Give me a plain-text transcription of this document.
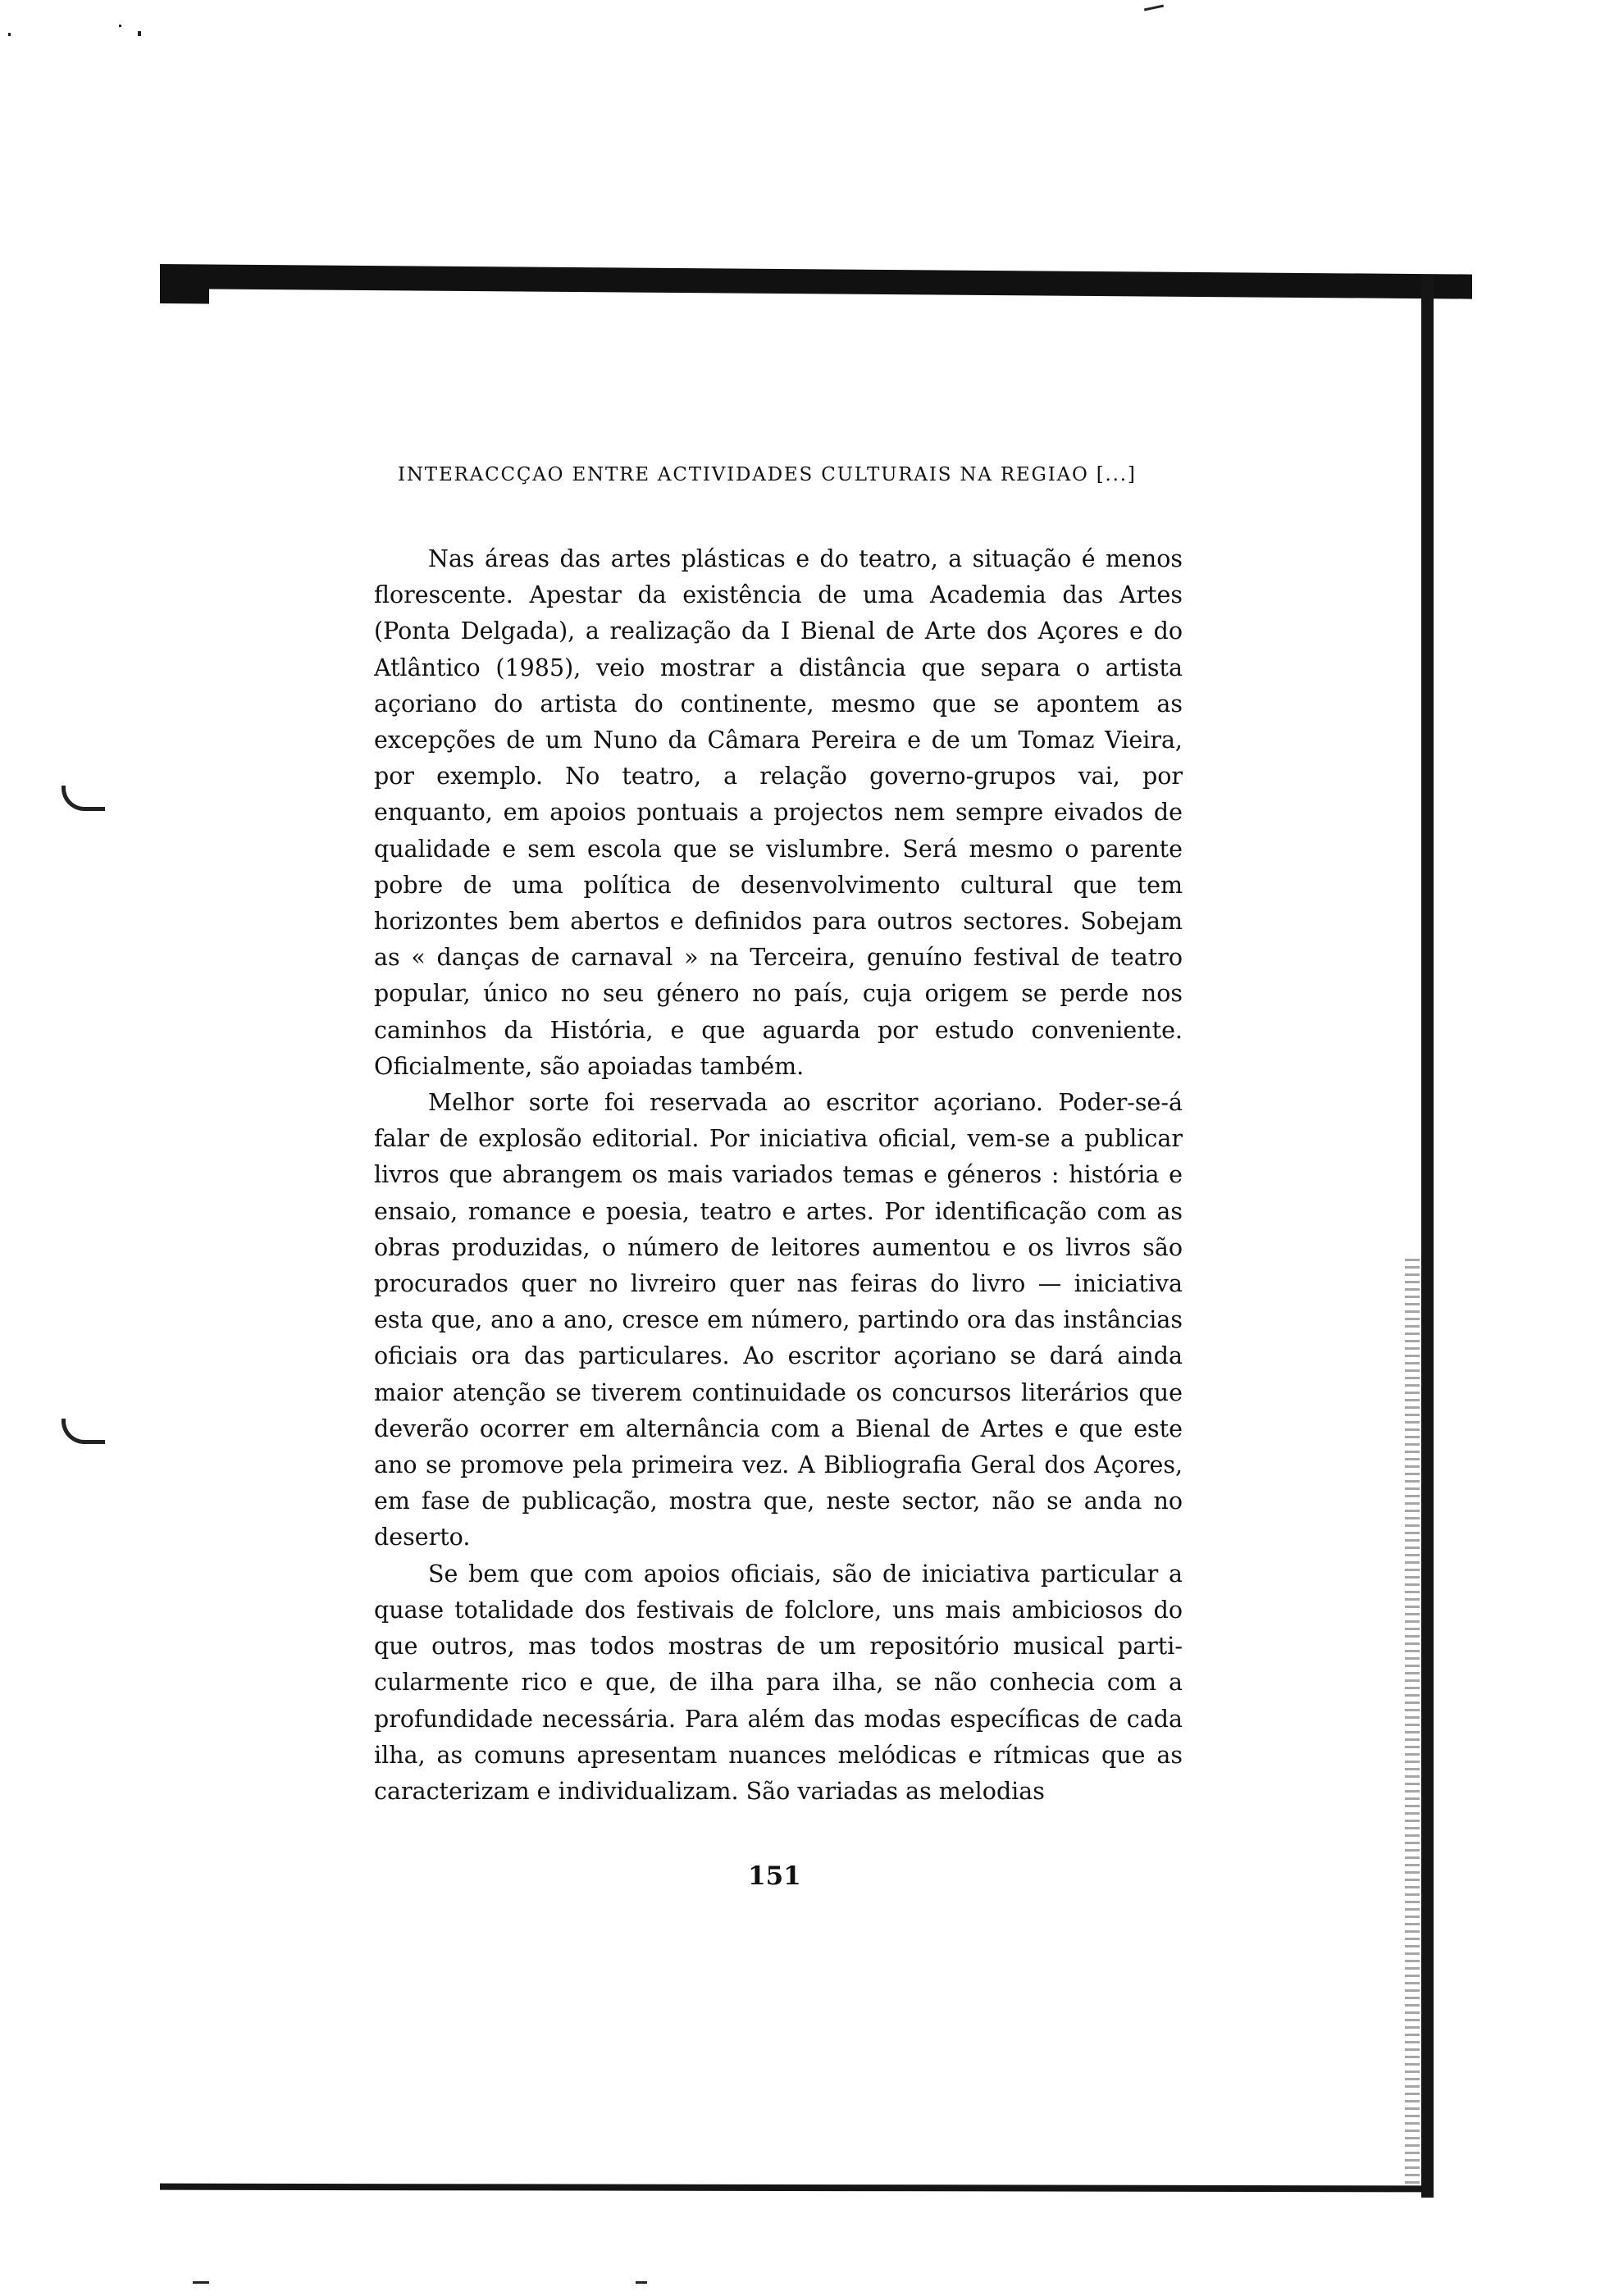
INTERACCÇAO ENTRE ACTIVIDADES CULTURAIS NA REGIAO [...]

Nas áreas das artes plásticas e do teatro, a situação é menos florescente. Apestar da existência de uma Academia das Artes (Ponta Delgada), a realização da I Bienal de Arte dos Açores e do Atlântico (1985), veio mostrar a distância que separa o artista açoriano do artista do continente, mesmo que se apontem as excepções de um Nuno da Câmara Pereira e de um Tomaz Vieira, por exemplo. No teatro, a relação governo-grupos vai, por enquanto, em apoios pontuais a projectos nem sempre eivados de qualidade e sem escola que se vislumbre. Será mesmo o parente pobre de uma política de desenvolvimento cultural que tem horizontes bem abertos e definidos para outros sectores. Sobejam as « danças de carnaval » na Terceira, genuíno festival de teatro popular, único no seu género no país, cuja origem se perde nos caminhos da História, e que aguarda por estudo conveniente. Oficialmente, são apoiadas também.

Melhor sorte foi reservada ao escritor açoriano. Poder-se-á falar de explosão editorial. Por iniciativa oficial, vem-se a publicar livros que abrangem os mais variados temas e géneros : história e ensaio, romance e poesia, teatro e artes. Por identificação com as obras produzidas, o número de leitores aumentou e os livros são procurados quer no livreiro quer nas feiras do livro — iniciativa esta que, ano a ano, cresce em número, partindo ora das instâncias oficiais ora das particulares. Ao escritor açoriano se dará ainda maior atenção se tiverem continuidade os concursos literários que deverão ocorrer em alternância com a Bienal de Artes e que este ano se promove pela primeira vez. A Bibliografia Geral dos Açores, em fase de publicação, mostra que, neste sector, não se anda no deserto.

Se bem que com apoios oficiais, são de iniciativa particular a quase totalidade dos festivais de folclore, uns mais ambiciosos do que outros, mas todos mostras de um repositório musical particularmente rico e que, de ilha para ilha, se não conhecia com a profundidade necessária. Para além das modas específicas de cada ilha, as comuns apresentam nuances melódicas e rítmicas que as caracterizam e individualizam. São variadas as melodias

151
